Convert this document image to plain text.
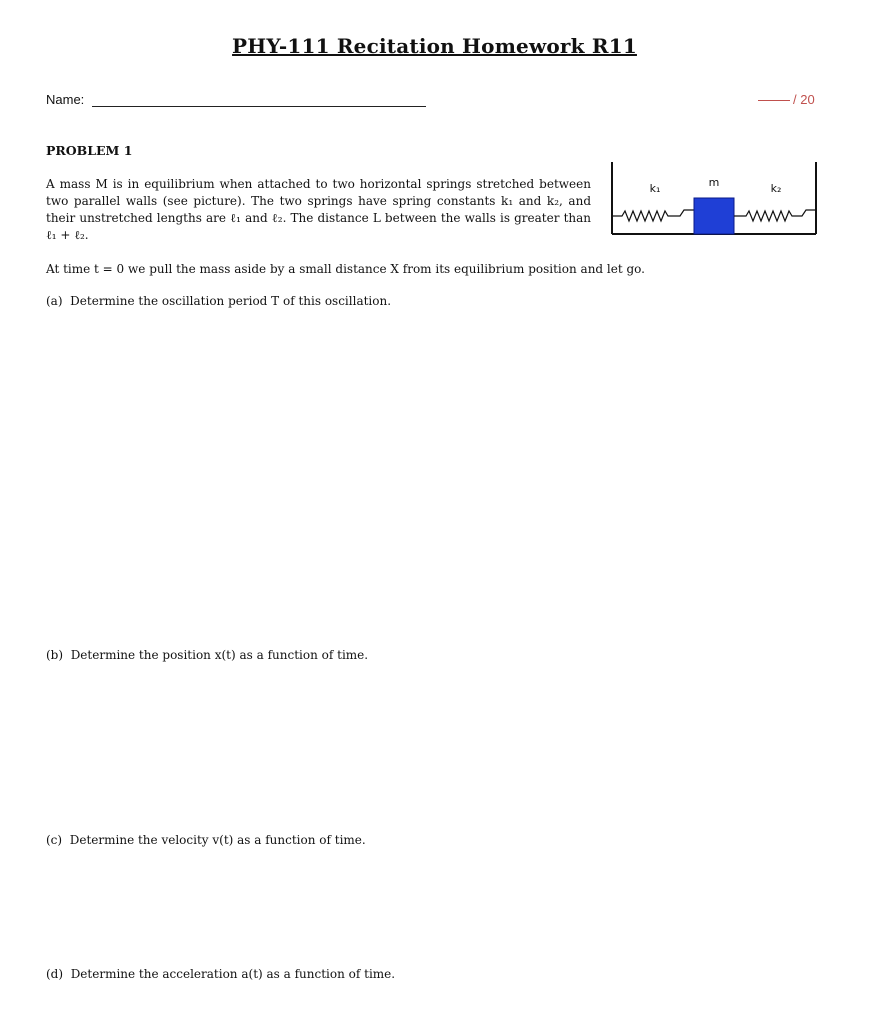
PHY-111 Recitation Homework R11
Name:	/ 20
PROBLEM 1
A mass M is in equilibrium when attached to two horizontal springs stretched between
two parallel walls (see picture). The two springs have spring constants k₁ and k₂, and
their unstretched lengths are ℓ₁ and ℓ₂. The distance L between the walls is greater than
ℓ₁ + ℓ₂.
At time t = 0 we pull the mass aside by a small distance X from its equilibrium position and let go.
(a) Determine the oscillation period T of this oscillation.
(b) Determine the position x(t) as a function of time.
(c) Determine the velocity v(t) as a function of time.
(d) Determine the acceleration a(t) as a function of time.
k₁	m	k₂
